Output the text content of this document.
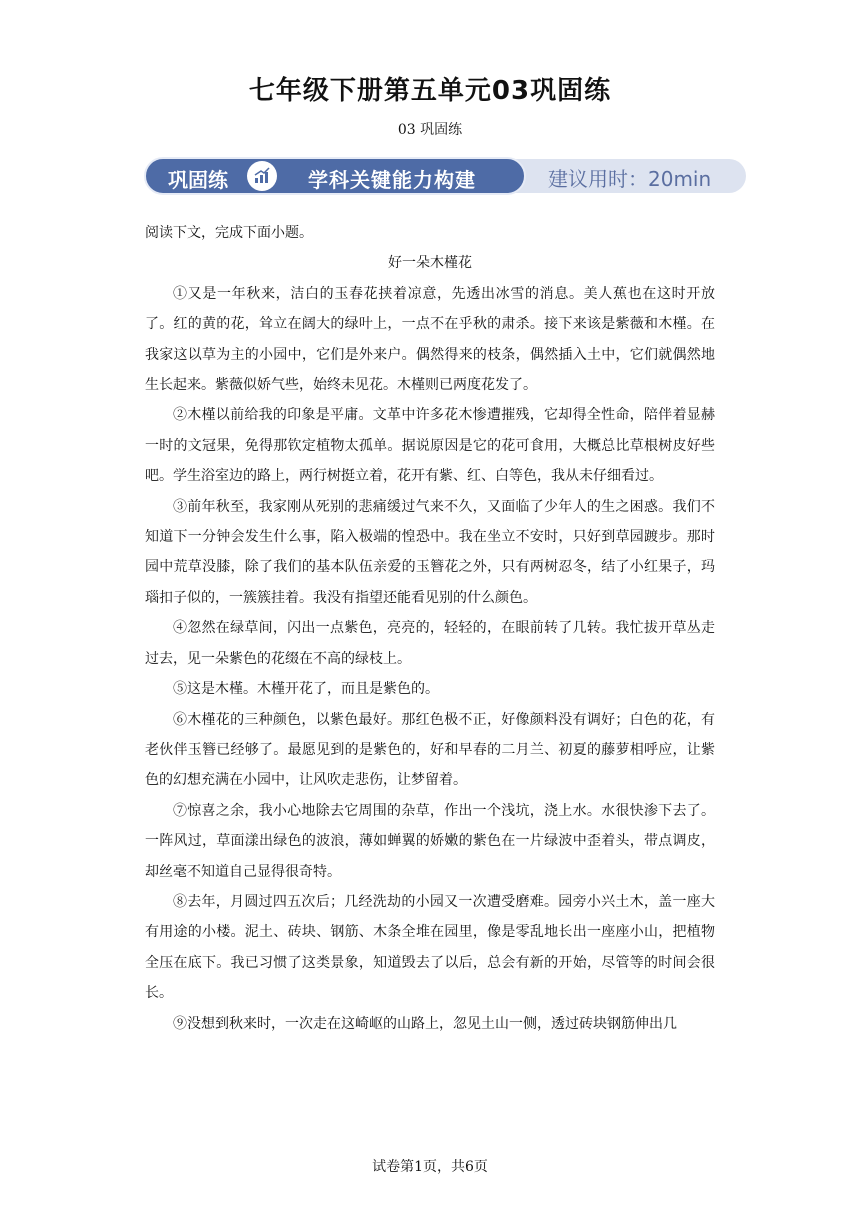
七年级下册第五单元03巩固练
03 巩固练
巩固练	学科关键能力构建	建议用时：20min

阅读下文，完成下面小题。

好一朵木槿花

①又是一年秋来，洁白的玉春花挟着凉意，先透出冰雪的消息。美人蕉也在这时开放了。红的黄的花，耸立在阔大的绿叶上，一点不在乎秋的肃杀。接下来该是紫薇和木槿。在我家这以草为主的小园中，它们是外来户。偶然得来的枝条，偶然插入土中，它们就偶然地生长起来。紫薇似娇气些，始终未见花。木槿则已两度花发了。

②木槿以前给我的印象是平庸。文革中许多花木惨遭摧残，它却得全性命，陪伴着显赫一时的文冠果，免得那钦定植物太孤单。据说原因是它的花可食用，大概总比草根树皮好些吧。学生浴室边的路上，两行树挺立着，花开有紫、红、白等色，我从未仔细看过。

③前年秋至，我家刚从死别的悲痛缓过气来不久，又面临了少年人的生之困惑。我们不知道下一分钟会发生什么事，陷入极端的惶恐中。我在坐立不安时，只好到草园踱步。那时园中荒草没膝，除了我们的基本队伍亲爱的玉簪花之外，只有两树忍冬，结了小红果子，玛瑙扣子似的，一簇簇挂着。我没有指望还能看见别的什么颜色。

④忽然在绿草间，闪出一点紫色，亮亮的，轻轻的，在眼前转了几转。我忙拔开草丛走过去，见一朵紫色的花缀在不高的绿枝上。

⑤这是木槿。木槿开花了，而且是紫色的。

⑥木槿花的三种颜色，以紫色最好。那红色极不正，好像颜料没有调好；白色的花，有老伙伴玉簪已经够了。最愿见到的是紫色的，好和早春的二月兰、初夏的藤萝相呼应，让紫色的幻想充满在小园中，让风吹走悲伤，让梦留着。

⑦惊喜之余，我小心地除去它周围的杂草，作出一个浅坑，浇上水。水很快渗下去了。一阵风过，草面漾出绿色的波浪，薄如蝉翼的娇嫩的紫色在一片绿波中歪着头，带点调皮，却丝毫不知道自己显得很奇特。

⑧去年，月圆过四五次后；几经洗劫的小园又一次遭受磨难。园旁小兴土木，盖一座大有用途的小楼。泥土、砖块、钢筋、木条全堆在园里，像是零乱地长出一座座小山，把植物全压在底下。我已习惯了这类景象，知道毁去了以后，总会有新的开始，尽管等的时间会很长。

⑨没想到秋来时，一次走在这崎岖的山路上，忽见土山一侧，透过砖块钢筋伸出几

试卷第1页，共6页
